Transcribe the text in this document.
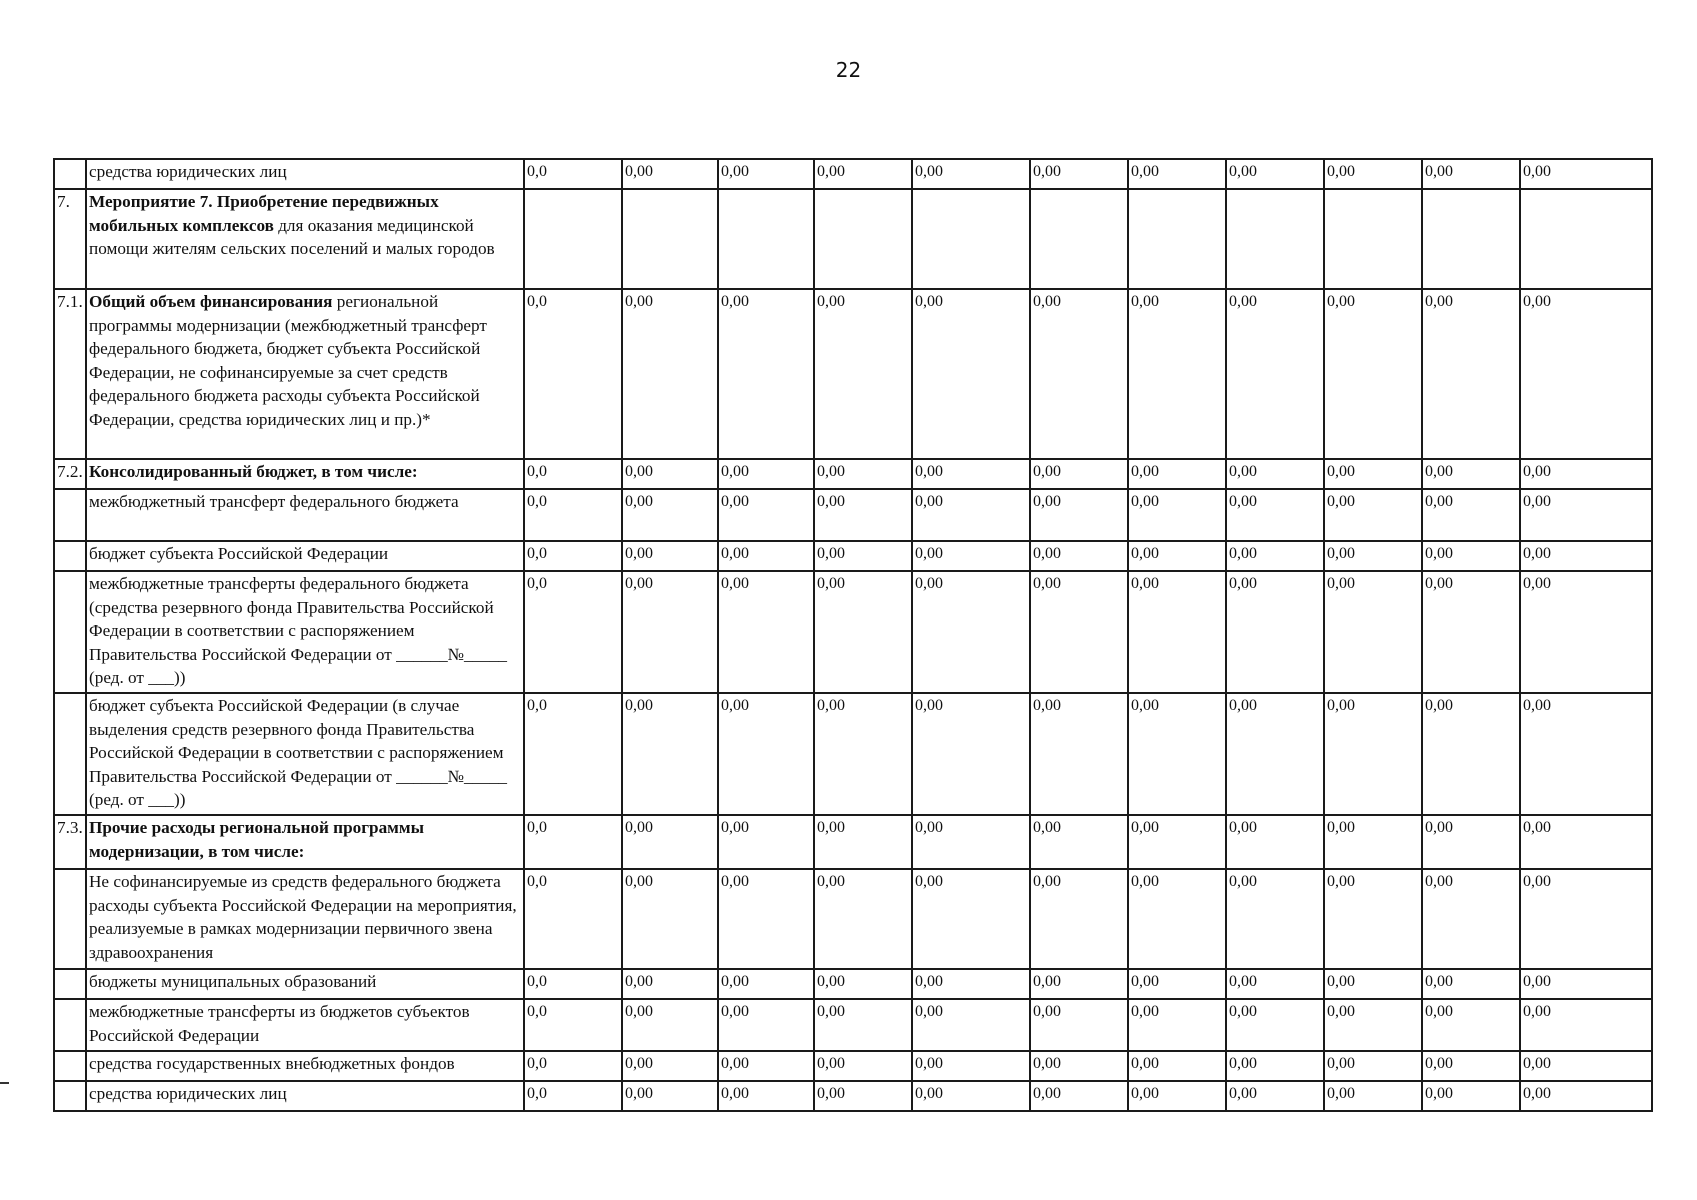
22
	средства юридических лиц	0,0	0,00	0,00	0,00	0,00	0,00	0,00	0,00	0,00	0,00	0,00
7.	Мероприятие 7. Приобретение передвижных мобильных комплексов для оказания медицинской помощи жителям сельских поселений и малых городов											
7.1.	Общий объем финансирования региональной программы модернизации (межбюджетный трансферт федерального бюджета, бюджет субъекта Российской Федерации, не софинансируемые за счет средств федерального бюджета расходы субъекта Российской Федерации, средства юридических лиц и пр.)*	0,0	0,00	0,00	0,00	0,00	0,00	0,00	0,00	0,00	0,00	0,00
7.2.	Консолидированный бюджет, в том числе:	0,0	0,00	0,00	0,00	0,00	0,00	0,00	0,00	0,00	0,00	0,00
	межбюджетный трансферт федерального бюджета	0,0	0,00	0,00	0,00	0,00	0,00	0,00	0,00	0,00	0,00	0,00
	бюджет субъекта Российской Федерации	0,0	0,00	0,00	0,00	0,00	0,00	0,00	0,00	0,00	0,00	0,00
	межбюджетные трансферты федерального бюджета (средства резервного фонда Правительства Российской Федерации в соответствии с распоряжением Правительства Российской Федерации от ______№_____ (ред. от ___))	0,0	0,00	0,00	0,00	0,00	0,00	0,00	0,00	0,00	0,00	0,00
	бюджет субъекта Российской Федерации (в случае выделения средств резервного фонда Правительства Российской Федерации в соответствии с распоряжением Правительства Российской Федерации от ______№_____ (ред. от ___))	0,0	0,00	0,00	0,00	0,00	0,00	0,00	0,00	0,00	0,00	0,00
7.3.	Прочие расходы региональной программы модернизации, в том числе:	0,0	0,00	0,00	0,00	0,00	0,00	0,00	0,00	0,00	0,00	0,00
	Не софинансируемые из средств федерального бюджета расходы субъекта Российской Федерации на мероприятия, реализуемые в рамках модернизации первичного звена здравоохранения	0,0	0,00	0,00	0,00	0,00	0,00	0,00	0,00	0,00	0,00	0,00
	бюджеты муниципальных образований	0,0	0,00	0,00	0,00	0,00	0,00	0,00	0,00	0,00	0,00	0,00
	межбюджетные трансферты из бюджетов субъектов Российской Федерации	0,0	0,00	0,00	0,00	0,00	0,00	0,00	0,00	0,00	0,00	0,00
	средства государственных внебюджетных фондов	0,0	0,00	0,00	0,00	0,00	0,00	0,00	0,00	0,00	0,00	0,00
	средства юридических лиц	0,0	0,00	0,00	0,00	0,00	0,00	0,00	0,00	0,00	0,00	0,00
